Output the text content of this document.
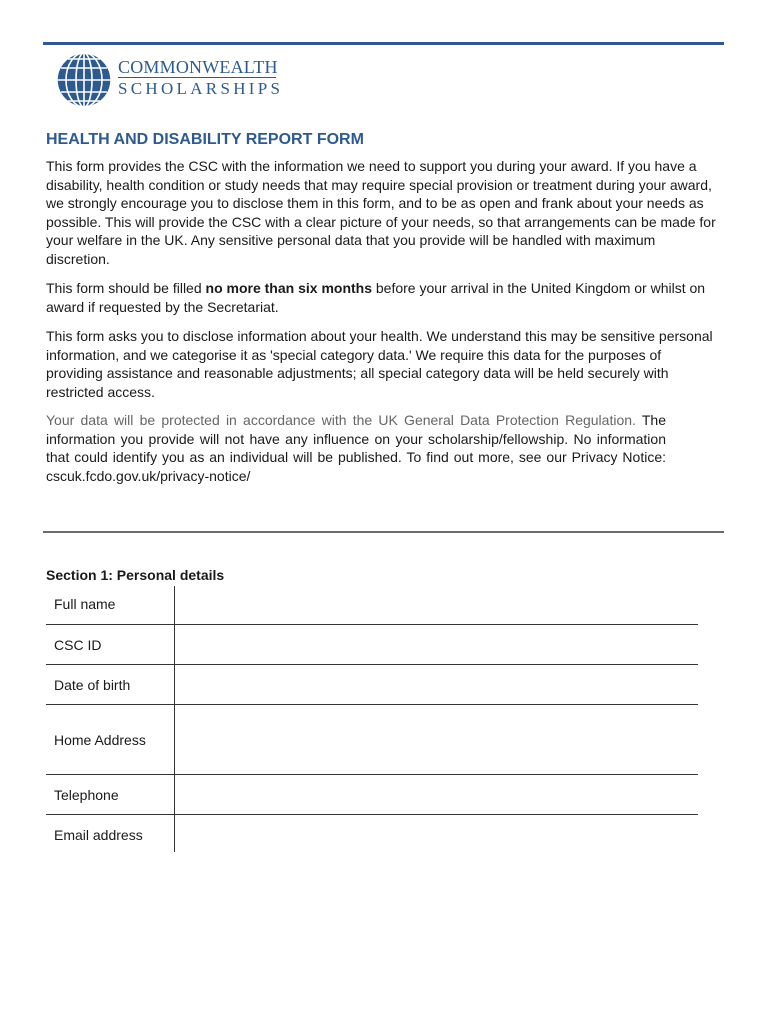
COMMONWEALTH
SCHOLARSHIPS
HEALTH AND DISABILITY REPORT FORM

This form provides the CSC with the information we need to support you during your award. If you have a disability, health condition or study needs that may require special provision or treatment during your award, we strongly encourage you to disclose them in this form, and to be as open and frank about your needs as possible. This will provide the CSC with a clear picture of your needs, so that arrangements can be made for your welfare in the UK. Any sensitive personal data that you provide will be handled with maximum discretion.

This form should be filled no more than six months before your arrival in the United Kingdom or whilst on award if requested by the Secretariat.

This form asks you to disclose information about your health. We understand this may be sensitive personal information, and we categorise it as 'special category data.' We require this data for the purposes of providing assistance and reasonable adjustments; all special category data will be held securely with restricted access.

Your data will be protected in accordance with the UK General Data Protection Regulation. The information you provide will not have any influence on your scholarship/fellowship. No information that could identify you as an individual will be published. To find out more, see our Privacy Notice: cscuk.fcdo.gov.uk/privacy-notice/

Section 1: Personal details
Full name
CSC ID
Date of birth
Home Address
Telephone
Email address
